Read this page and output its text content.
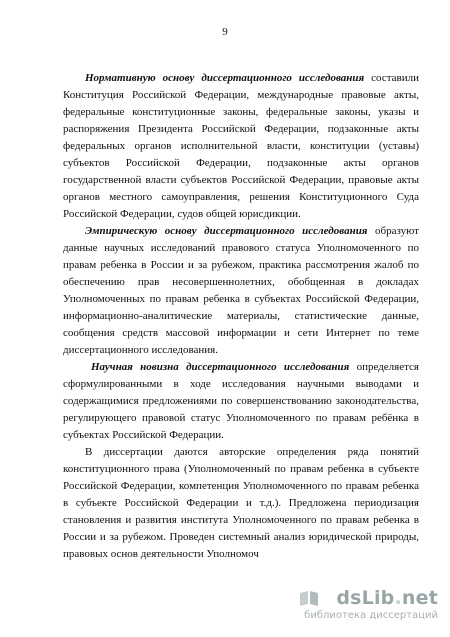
9

Нормативную основу диссертационного исследования составили Конституция Российской Федерации, международные правовые акты, федеральные конституционные законы, федеральные законы, указы и распоряжения Президента Российской Федерации, подзаконные акты федеральных органов исполнительной власти, конституции (уставы) субъектов Российской Федерации, подзаконные акты органов государственной власти субъектов Российской Федерации, правовые акты органов местного самоуправления, решения Конституционного Суда Российской Федерации, судов общей юрисдикции.

Эмпирическую основу диссертационного исследования образуют данные научных исследований правового статуса Уполномоченного по правам ребенка в России и за рубежом, практика рассмотрения жалоб по обеспечению прав несовершеннолетних, обобщенная в докладах Уполномоченных по правам ребенка в субъектах Российской Федерации, информационно-аналитические материалы, статистические данные, сообщения средств массовой информации и сети Интернет по теме диссертационного исследования.

Научная новизна диссертационного исследования определяется сформулированными в ходе исследования научными выводами и содержащимися предложениями по совершенствованию законодательства, регулирующего правовой статус Уполномоченного по правам ребёнка в субъектах Российской Федерации.

В диссертации даются авторские определения ряда понятий конституционного права (Уполномоченный по правам ребенка в субъекте Российской Федерации, компетенция Уполномоченного по правам ребенка в субъекте Российской Федерации и т.д.). Предложена периодизация становления и развития института Уполномоченного по правам ребенка в России и за рубежом. Проведен системный анализ юридической природы, правовых основ деятельности Уполномоч

dsLib.net
библиотека диссертаций
